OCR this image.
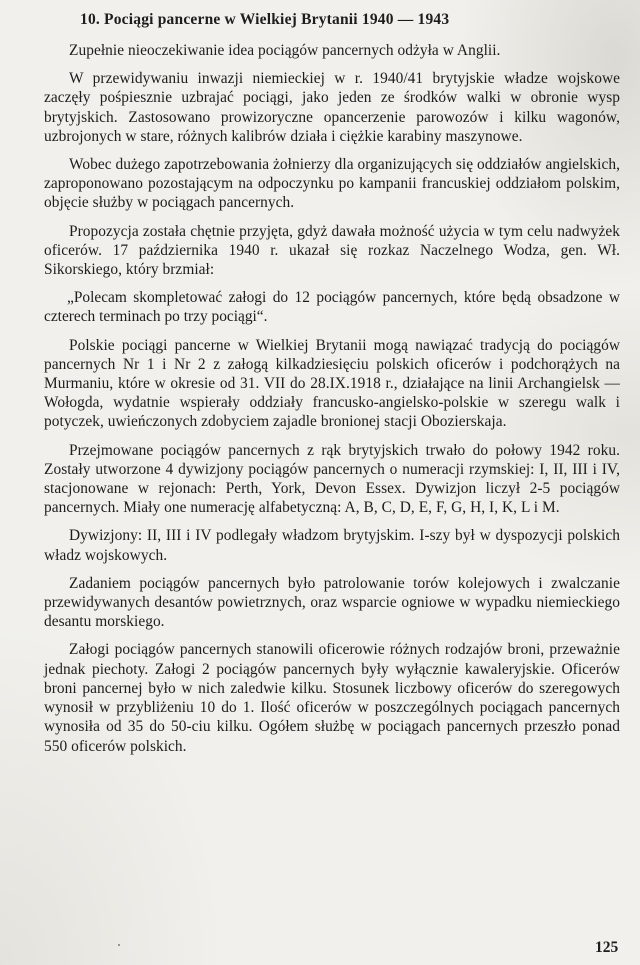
10. Pociągi pancerne w Wielkiej Brytanii 1940 — 1943

Zupełnie nieoczekiwanie idea pociągów pancernych odżyła w Anglii.

W przewidywaniu inwazji niemieckiej w r. 1940/41 brytyjskie władze wojskowe zaczęły pośpiesznie uzbrajać pociągi, jako jeden ze środków walki w obronie wysp brytyjskich. Zastosowano prowizoryczne opancerzenie parowozów i kilku wagonów, uzbrojonych w stare, różnych kalibrów działa i ciężkie karabiny maszynowe.

Wobec dużego zapotrzebowania żołnierzy dla organizujących się oddziałów angielskich, zaproponowano pozostającym na odpoczynku po kampanii francuskiej oddziałom polskim, objęcie służby w pociągach pancernych.

Propozycja została chętnie przyjęta, gdyż dawała możność użycia w tym celu nadwyżek oficerów. 17 października 1940 r. ukazał się rozkaz Naczelnego Wodza, gen. Wł. Sikorskiego, który brzmiał:

„Polecam skompletować załogi do 12 pociągów pancernych, które będą obsadzone w czterech terminach po trzy pociągi“.

Polskie pociągi pancerne w Wielkiej Brytanii mogą nawiązać tradycją do pociągów pancernych Nr 1 i Nr 2 z załogą kilkadziesięciu polskich oficerów i podchorążych na Murmaniu, które w okresie od 31. VII do 28.IX.1918 r., działające na linii Archangielsk — Wołogda, wydatnie wspierały oddziały francusko-angielsko-polskie w szeregu walk i potyczek, uwieńczonych zdobyciem zajadle bronionej stacji Obozierskaja.

Przejmowane pociągów pancernych z rąk brytyjskich trwało do połowy 1942 roku. Zostały utworzone 4 dywizjony pociągów pancernych o numeracji rzymskiej: I, II, III i IV, stacjonowane w rejonach: Perth, York, Devon Essex. Dywizjon liczył 2-5 pociągów pancernych. Miały one numerację alfabetyczną: A, B, C, D, E, F, G, H, I, K, L i M.

Dywizjony: II, III i IV podlegały władzom brytyjskim. I-szy był w dyspozycji polskich władz wojskowych.

Zadaniem pociągów pancernych było patrolowanie torów kolejowych i zwalczanie przewidywanych desantów powietrznych, oraz wsparcie ogniowe w wypadku niemieckiego desantu morskiego.

Załogi pociągów pancernych stanowili oficerowie różnych rodzajów broni, przeważnie jednak piechoty. Załogi 2 pociągów pancernych były wyłącznie kawaleryjskie. Oficerów broni pancernej było w nich zaledwie kilku. Stosunek liczbowy oficerów do szeregowych wynosił w przybliżeniu 10 do 1. Ilość oficerów w poszczególnych pociągach pancernych wynosiła od 35 do 50-ciu kilku. Ogółem służbę w pociągach pancernych przeszło ponad 550 oficerów polskich.

125
